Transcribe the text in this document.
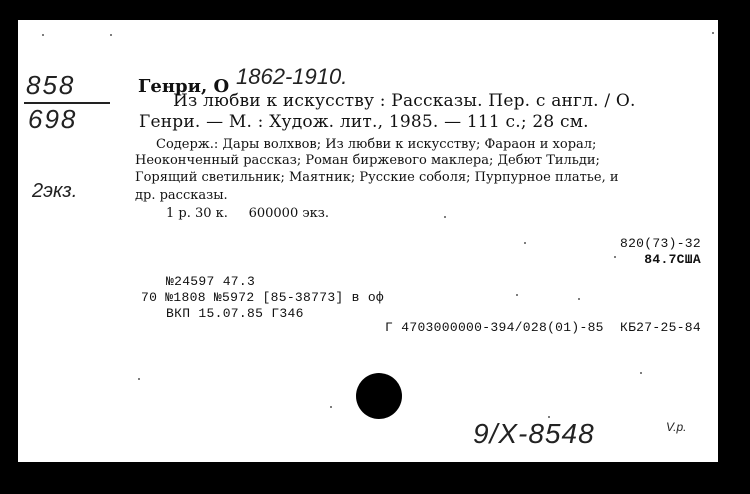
858
698
2экз.
Генри, О 1862-1910.
Из любви к искусству : Рассказы. Пер. с англ. / О.
Генри. — М. : Худож. лит., 1985. — 111 с.; 28 см.
Содерж.: Дары волхвов; Из любви к искусству; Фараон и хорал;
Неоконченный рассказ; Роман биржевого маклера; Дебют Тильди;
Горящий светильник; Маятник; Русские соболя; Пурпурное платье, и
др. рассказы.
1 р. 30 к.     600000 экз.
820(73)-32
84.7США
№24597 47.3
70 №1808 №5972 [85-38773] в оф
ВКП 15.07.85 Г346
Г 4703000000-394/028(01)-85  КБ27-25-84
9/X-8548	V.p.
